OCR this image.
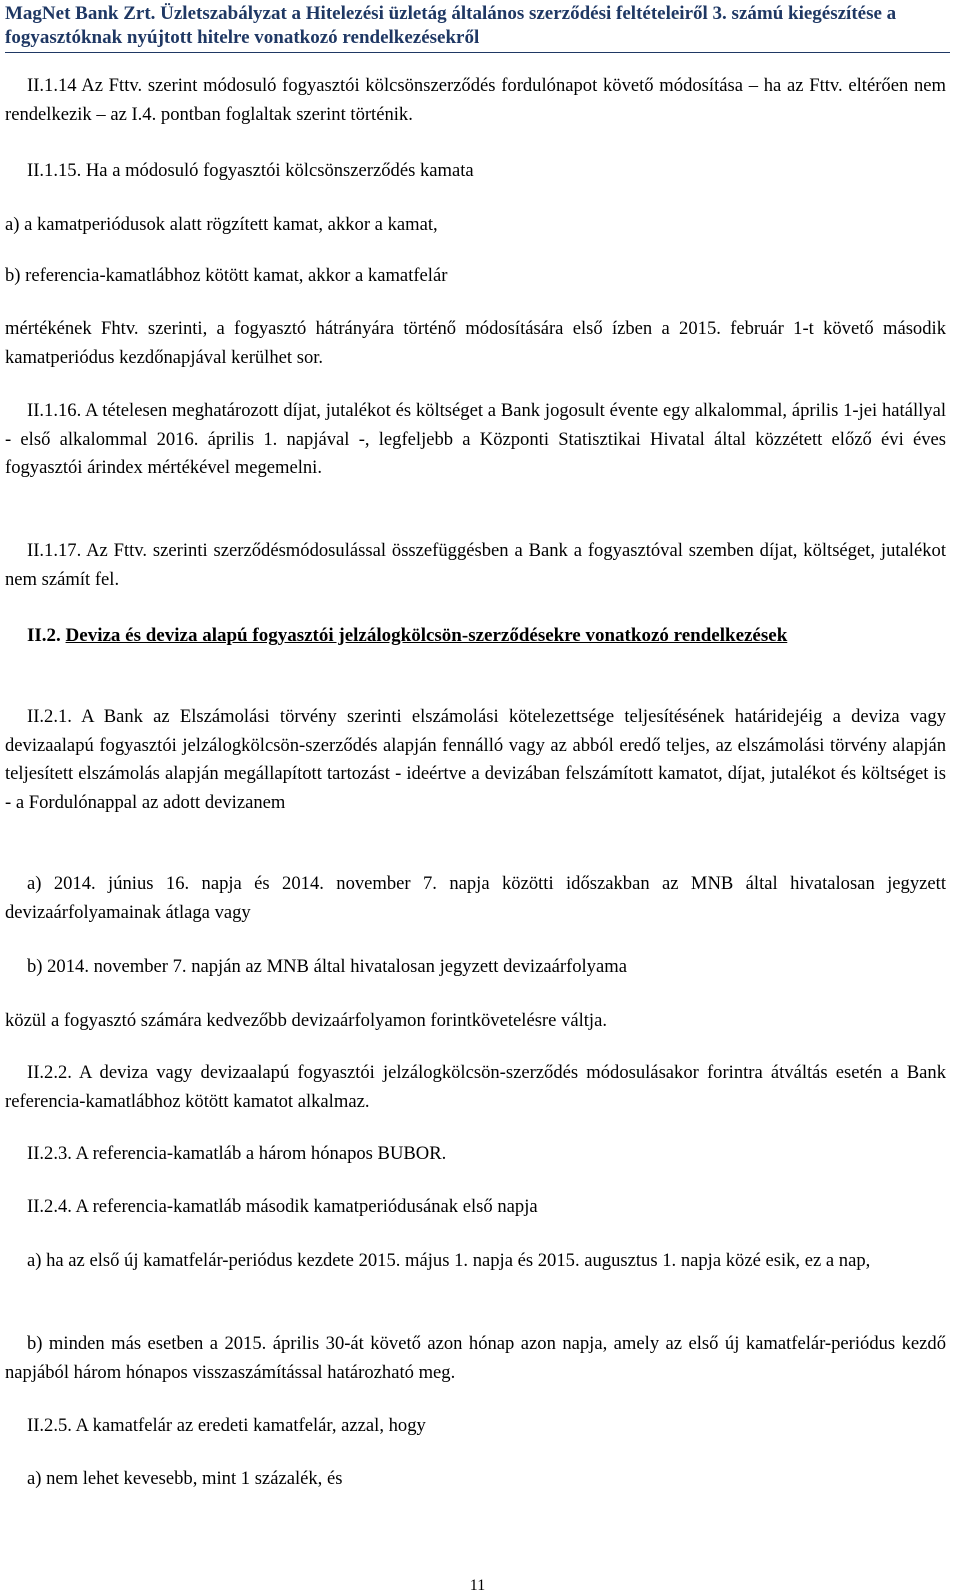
MagNet Bank Zrt. Üzletszabályzat a Hitelezési üzletág általános szerződési feltételeiről 3. számú kiegészítése a
fogyasztóknak nyújtott hitelre vonatkozó rendelkezésekről

II.1.14 Az Fttv. szerint módosuló fogyasztói kölcsönszerződés fordulónapot követő módosítása – ha az Fttv. eltérően nem rendelkezik – az I.4. pontban foglaltak szerint történik.

II.1.15. Ha a módosuló fogyasztói kölcsönszerződés kamata

a) a kamatperiódusok alatt rögzített kamat, akkor a kamat,

b) referencia-kamatlábhoz kötött kamat, akkor a kamatfelár

mértékének Fhtv. szerinti, a fogyasztó hátrányára történő módosítására első ízben a 2015. február 1-t követő második kamatperiódus kezdőnapjával kerülhet sor.

II.1.16. A tételesen meghatározott díjat, jutalékot és költséget a Bank jogosult évente egy alkalommal, április 1-jei hatállyal - első alkalommal 2016. április 1. napjával -, legfeljebb a Központi Statisztikai Hivatal által közzétett előző évi éves fogyasztói árindex mértékével megemelni.

II.1.17. Az Fttv. szerinti szerződésmódosulással összefüggésben a Bank a fogyasztóval szemben díjat, költséget, jutalékot nem számít fel.

II.2. Deviza és deviza alapú fogyasztói jelzálogkölcsön-szerződésekre vonatkozó rendelkezések

II.2.1. A Bank az Elszámolási törvény szerinti elszámolási kötelezettsége teljesítésének határidejéig a deviza vagy devizaalapú fogyasztói jelzálogkölcsön-szerződés alapján fennálló vagy az abból eredő teljes, az elszámolási törvény alapján teljesített elszámolás alapján megállapított tartozást - ideértve a devizában felszámított kamatot, díjat, jutalékot és költséget is - a Fordulónappal az adott devizanem

a) 2014. június 16. napja és 2014. november 7. napja közötti időszakban az MNB által hivatalosan jegyzett devizaárfolyamainak átlaga vagy

b) 2014. november 7. napján az MNB által hivatalosan jegyzett devizaárfolyama

közül a fogyasztó számára kedvezőbb devizaárfolyamon forintkövetelésre váltja.

II.2.2. A deviza vagy devizaalapú fogyasztói jelzálogkölcsön-szerződés módosulásakor forintra átváltás esetén a Bank referencia-kamatlábhoz kötött kamatot alkalmaz.

II.2.3. A referencia-kamatláb a három hónapos BUBOR.

II.2.4. A referencia-kamatláb második kamatperiódusának első napja

a) ha az első új kamatfelár-periódus kezdete 2015. május 1. napja és 2015. augusztus 1. napja közé esik, ez a nap,

b) minden más esetben a 2015. április 30-át követő azon hónap azon napja, amely az első új kamatfelár-periódus kezdő napjából három hónapos visszaszámítással határozható meg.

II.2.5. A kamatfelár az eredeti kamatfelár, azzal, hogy

a) nem lehet kevesebb, mint 1 százalék, és

11
